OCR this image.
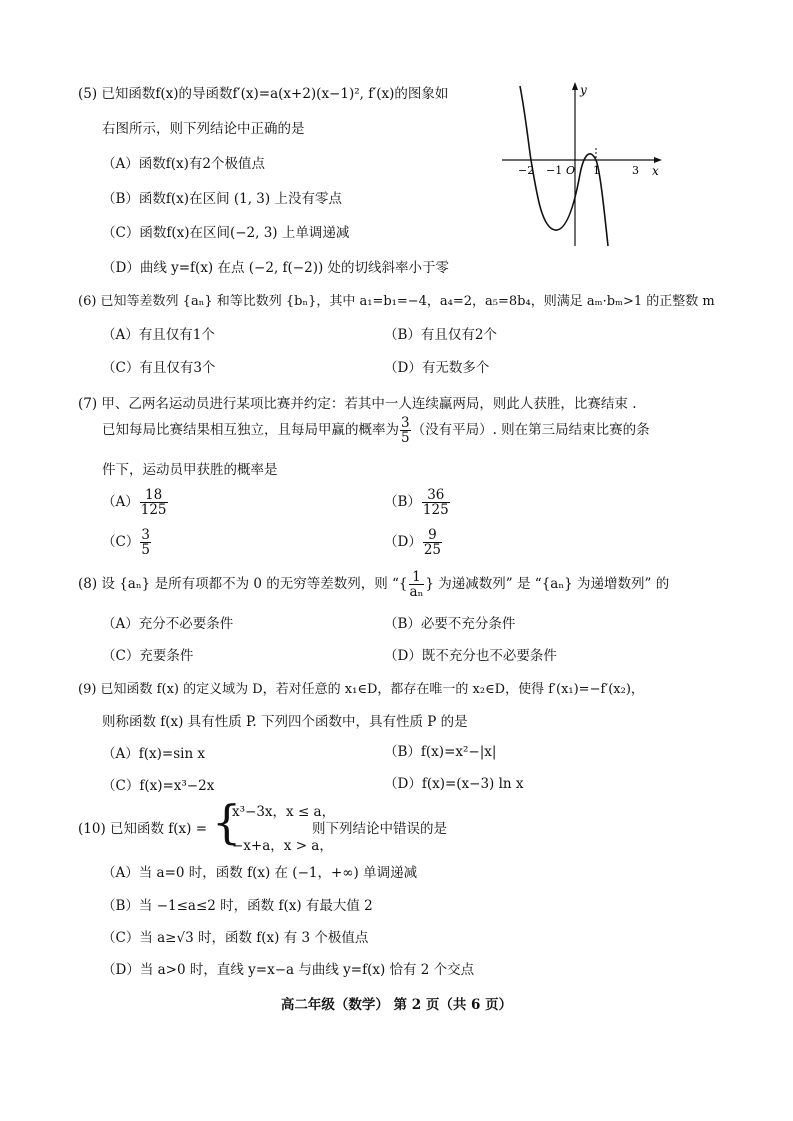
(5) 已知函数f(x)的导函数f′(x)=a(x+2)(x−1)², f′(x)的图象如
右图所示，则下列结论中正确的是
（A）函数f(x)有2个极值点
（B）函数f(x)在区间 (1, 3) 上没有零点
（C）函数f(x)在区间(−2, 3) 上单调递减
（D）曲线 y=f(x) 在点 (−2, f(−2)) 处的切线斜率小于零
y
x
−2 −1 O 1	3
(6) 已知等差数列 {aₙ} 和等比数列 {bₙ}，其中 a₁=b₁=−4，a₄=2，a₅=8b₄，则满足 aₘ·bₘ>1 的正整数 m
（A）有且仅有1个	（B）有且仅有2个
（C）有且仅有3个	（D）有无数多个
(7) 甲、乙两名运动员进行某项比赛并约定：若其中一人连续赢两局，则此人获胜，比赛结束 .
已知每局比赛结果相互独立，且每局甲赢的概率为 $\frac{3}{5}$ （没有平局）. 则在第三局结束比赛的条
件下，运动员甲获胜的概率是
$(A) \frac{18}{125}$	$(B) \frac{36}{125}$
$(C) \frac{3}{5}$	$(D) \frac{9}{25}$
(8) 设 {aₙ} 是所有项都不为 0 的无穷等差数列，则 “{ $\frac{1}{\text{aₙ}}$ } 为递减数列” 是 “{aₙ} 为递增数列” 的
（A）充分不必要条件	（B）必要不充分条件
（C）充要条件	（D）既不充分也不必要条件
(9) 已知函数 f(x) 的定义域为 D，若对任意的 x₁∈D，都存在唯一的 x₂∈D，使得 f′(x₁)=−f′(x₂)，
则称函数 f(x) 具有性质 P. 下列四个函数中，具有性质 P 的是
（A）f(x)=sin x	（B）f(x)=x²−|x|
（C）f(x)=x³−2x	（D）f(x)=(x−3) ln x
(10) 已知函数 f(x) = {
x³−3x，x ≤ a，
−x+a，x > a，
则下列结论中错误的是
（A）当 a=0 时，函数 f(x) 在 (−1，+∞) 单调递减
（B）当 −1≤a≤2 时，函数 f(x) 有最大值 2
（C）当 a≥√3 时，函数 f(x) 有 3 个极值点
（D）当 a>0 时，直线 y=x−a 与曲线 y=f(x) 恰有 2 个交点
高二年级（数学） 第 2 页（共 6 页）
